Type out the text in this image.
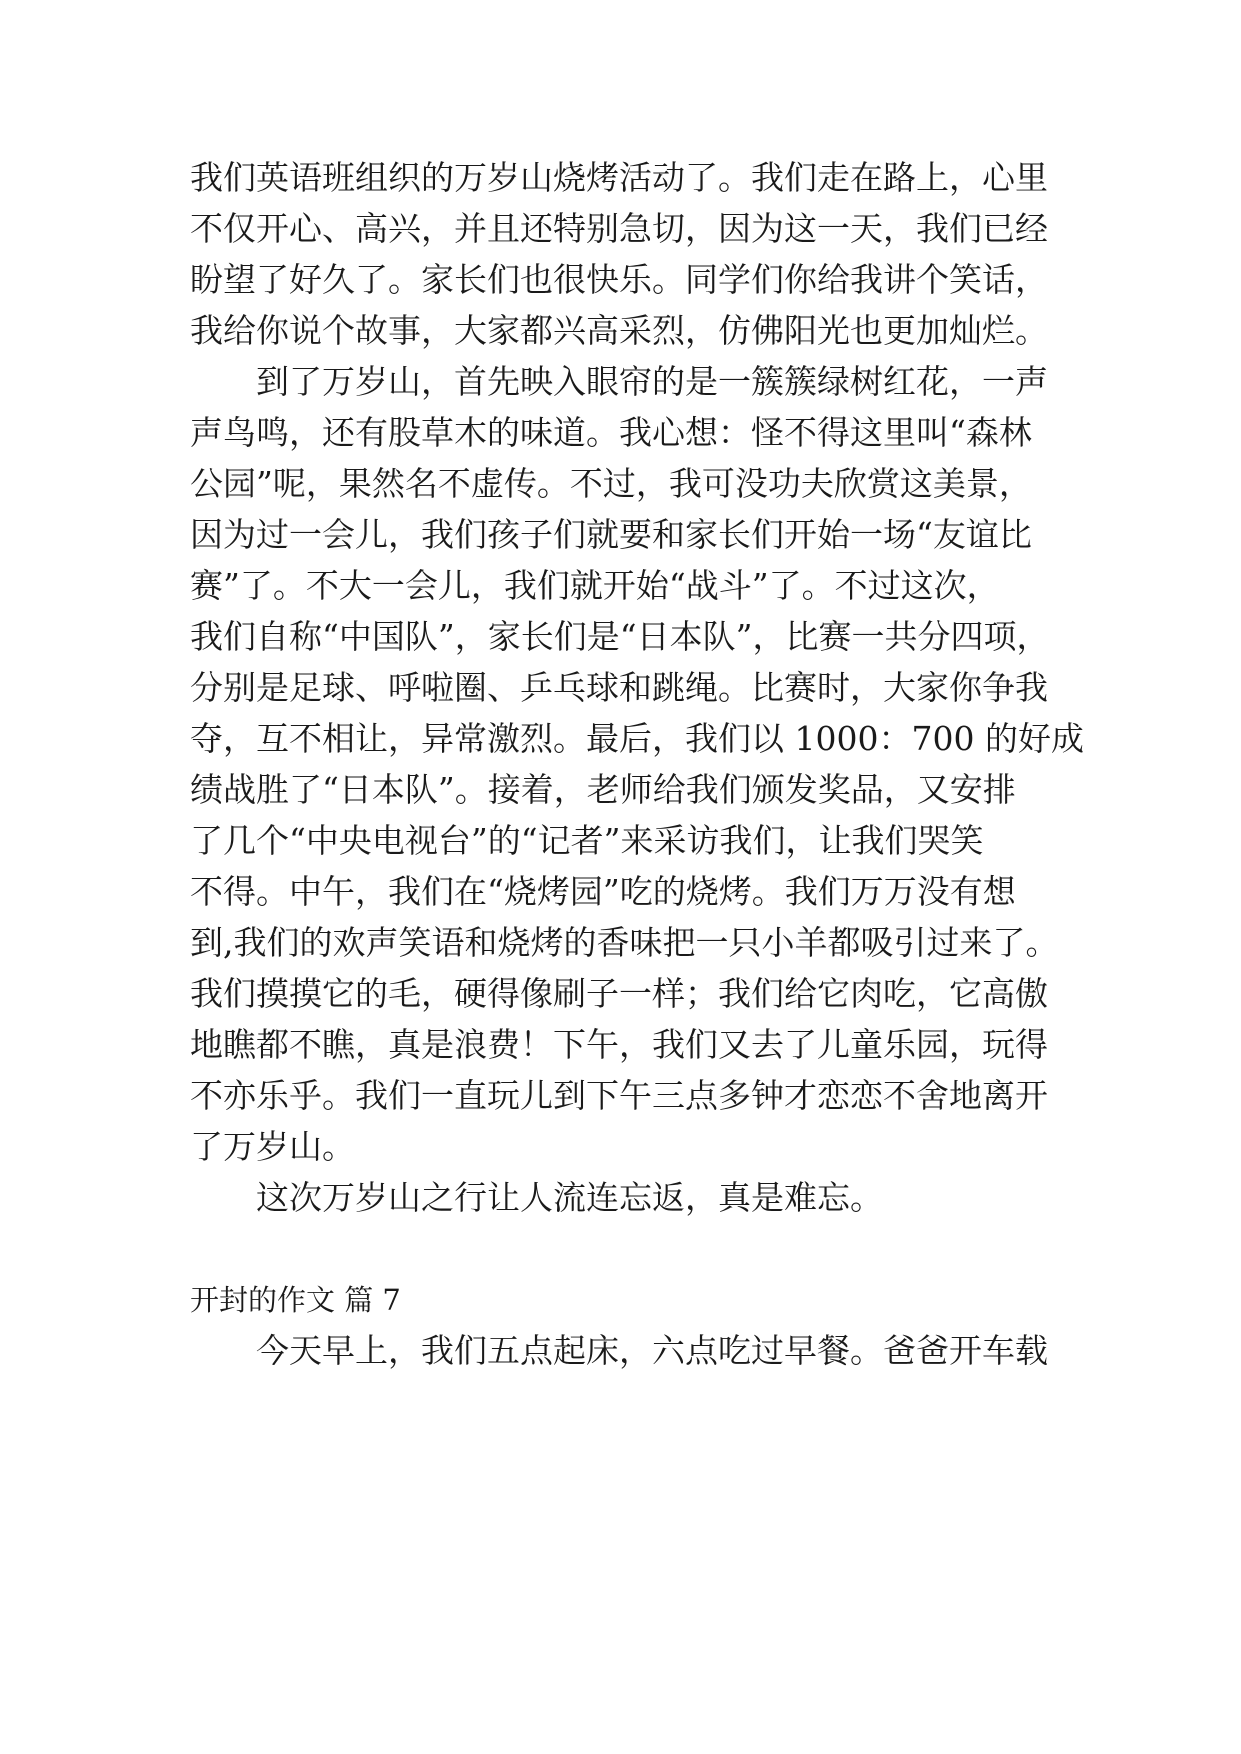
我们英语班组织的万岁山烧烤活动了。我们走在路上，心里
不仅开心、高兴，并且还特别急切，因为这一天，我们已经
盼望了好久了。家长们也很快乐。同学们你给我讲个笑话，
我给你说个故事，大家都兴高采烈，仿佛阳光也更加灿烂。
到了万岁山，首先映入眼帘的是一簇簇绿树红花，一声
声鸟鸣，还有股草木的味道。我心想：怪不得这里叫“森林
公园”呢，果然名不虚传。不过，我可没功夫欣赏这美景，
因为过一会儿，我们孩子们就要和家长们开始一场“友谊比
赛”了。不大一会儿，我们就开始“战斗”了。不过这次，
我们自称“中国队”，家长们是“日本队”，比赛一共分四项，
分别是足球、呼啦圈、乒乓球和跳绳。比赛时，大家你争我
夺，互不相让，异常激烈。最后，我们以 1000：700 的好成
绩战胜了“日本队”。接着，老师给我们颁发奖品，又安排
了几个“中央电视台”的“记者”来采访我们，让我们哭笑
不得。中午，我们在“烧烤园”吃的烧烤。我们万万没有想
到,我们的欢声笑语和烧烤的香味把一只小羊都吸引过来了。
我们摸摸它的毛，硬得像刷子一样；我们给它肉吃，它高傲
地瞧都不瞧，真是浪费！下午，我们又去了儿童乐园，玩得
不亦乐乎。我们一直玩儿到下午三点多钟才恋恋不舍地离开
了万岁山。
这次万岁山之行让人流连忘返，真是难忘。
开封的作文 篇 7
今天早上，我们五点起床，六点吃过早餐。爸爸开车载
